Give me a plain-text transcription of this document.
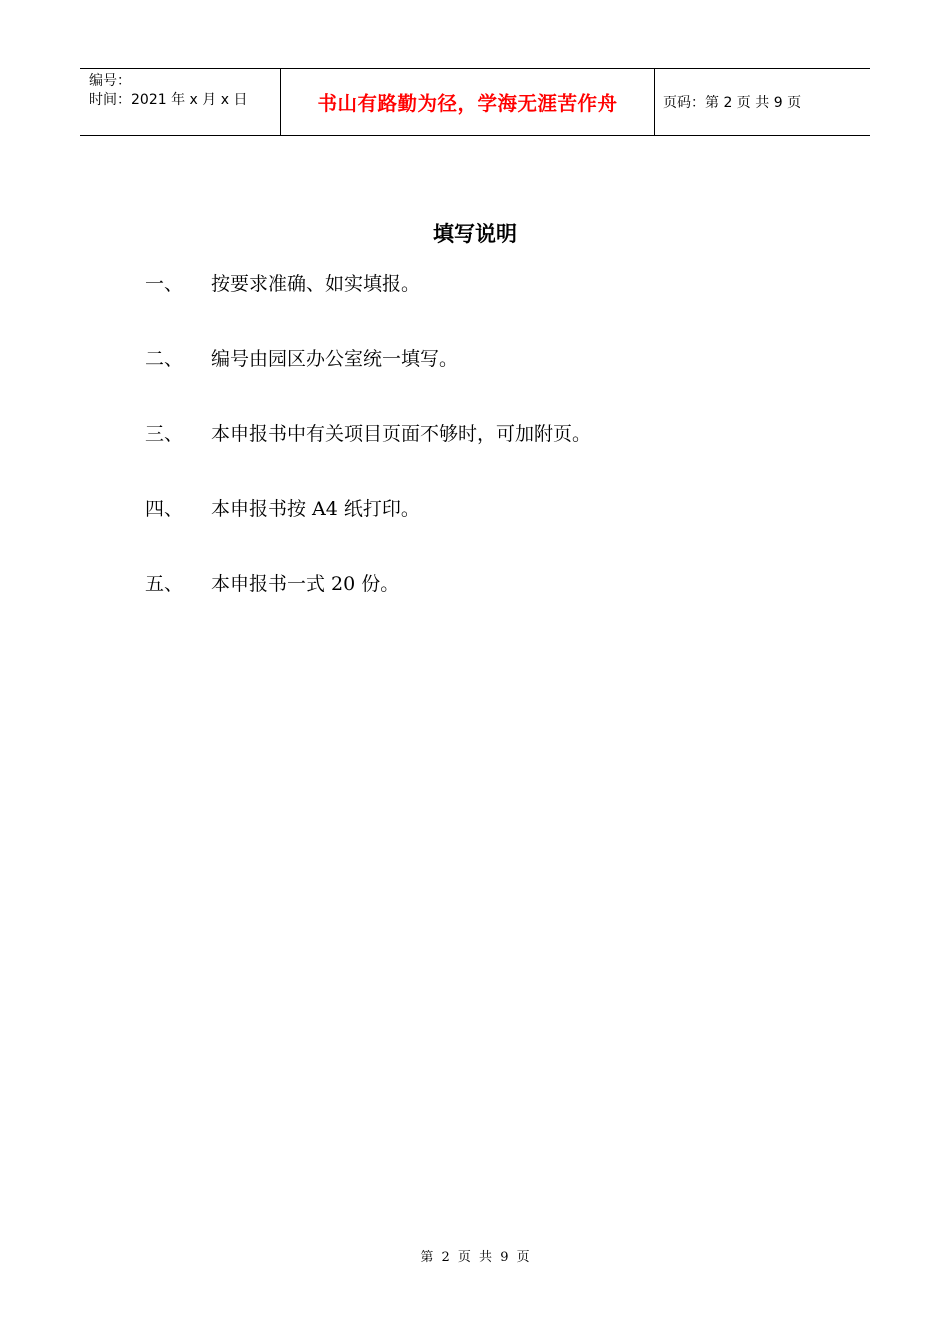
编号：
时间：2021 年 x 月 x 日	书山有路勤为径，学海无涯苦作舟	页码：第 2 页 共 9 页
填写说明
一、 按要求准确、如实填报。
二、 编号由园区办公室统一填写。
三、 本申报书中有关项目页面不够时，可加附页。
四、 本申报书按 A4 纸打印。
五、 本申报书一式 20 份。
第 2 页 共 9 页
